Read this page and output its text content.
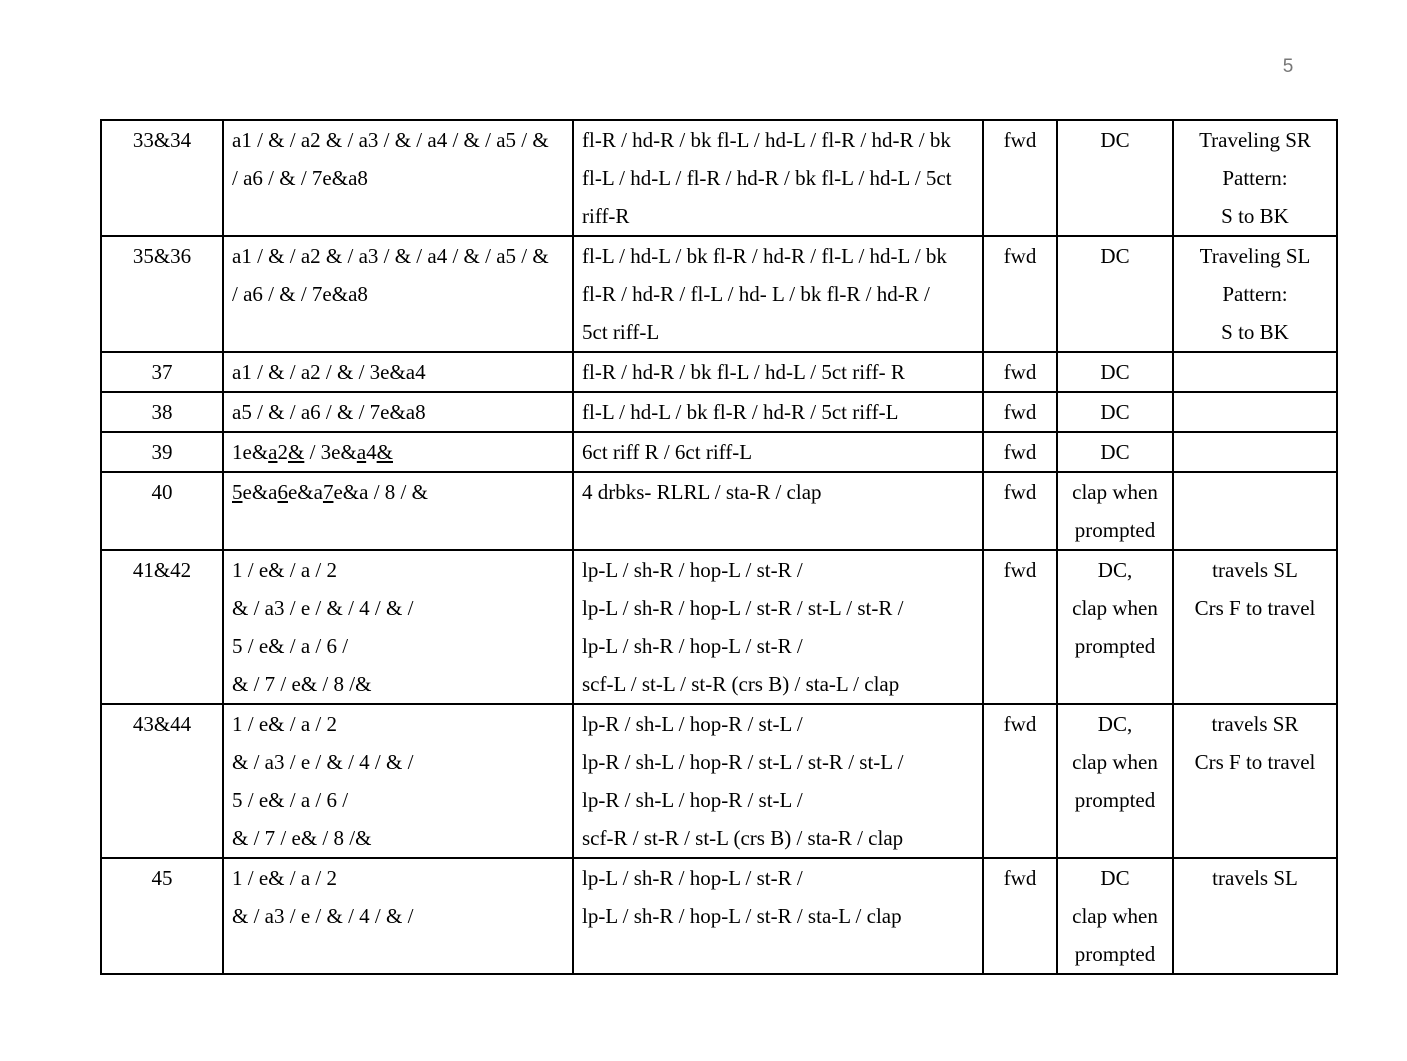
5
33&34	a1 / & / a2 & / a3 / & / a4 / & / a5 / &
/ a6 / & / 7e&a8	fl-R / hd-R / bk fl-L / hd-L / fl-R / hd-R / bk
fl-L / hd-L / fl-R / hd-R / bk fl-L / hd-L / 5ct
riff-R	fwd	DC	Traveling SR
Pattern:
S to BK

35&36	a1 / & / a2 & / a3 / & / a4 / & / a5 / &
/ a6 / & / 7e&a8	fl-L / hd-L / bk fl-R / hd-R / fl-L / hd-L / bk
fl-R / hd-R / fl-L / hd- L / bk fl-R / hd-R /
5ct riff-L	fwd	DC	Traveling SL
Pattern:
S to BK

37	a1 / & / a2 / & / 3e&a4	fl-R / hd-R / bk fl-L / hd-L / 5ct riff- R	fwd	DC	

38	a5 / & / a6 / & / 7e&a8	fl-L / hd-L / bk fl-R / hd-R / 5ct riff-L	fwd	DC	

39	1e&a2& / 3e&a4&	6ct riff R / 6ct riff-L	fwd	DC	

40	5e&a6e&a7e&a / 8 / &	4 drbks- RLRL / sta-R / clap	fwd	clap when
prompted	

41&42	1 / e& / a / 2
& / a3 / e / & / 4 / & /
5 / e& / a / 6 /
& / 7 / e& / 8 /&	lp-L / sh-R / hop-L / st-R /
lp-L / sh-R / hop-L / st-R / st-L / st-R /
lp-L / sh-R / hop-L / st-R /
scf-L / st-L / st-R (crs B) / sta-L / clap	fwd	DC,
clap when
prompted	travels SL
Crs F to travel

43&44	1 / e& / a / 2
& / a3 / e / & / 4 / & /
5 / e& / a / 6 /
& / 7 / e& / 8 /&	lp-R / sh-L / hop-R / st-L /
lp-R / sh-L / hop-R / st-L / st-R / st-L /
lp-R / sh-L / hop-R / st-L /
scf-R / st-R / st-L (crs B) / sta-R / clap	fwd	DC,
clap when
prompted	travels SR
Crs F to travel

45	1 / e& / a / 2
& / a3 / e / & / 4 / & /	lp-L / sh-R / hop-L / st-R /
lp-L / sh-R / hop-L / st-R / sta-L / clap	fwd	DC
clap when
prompted	travels SL
